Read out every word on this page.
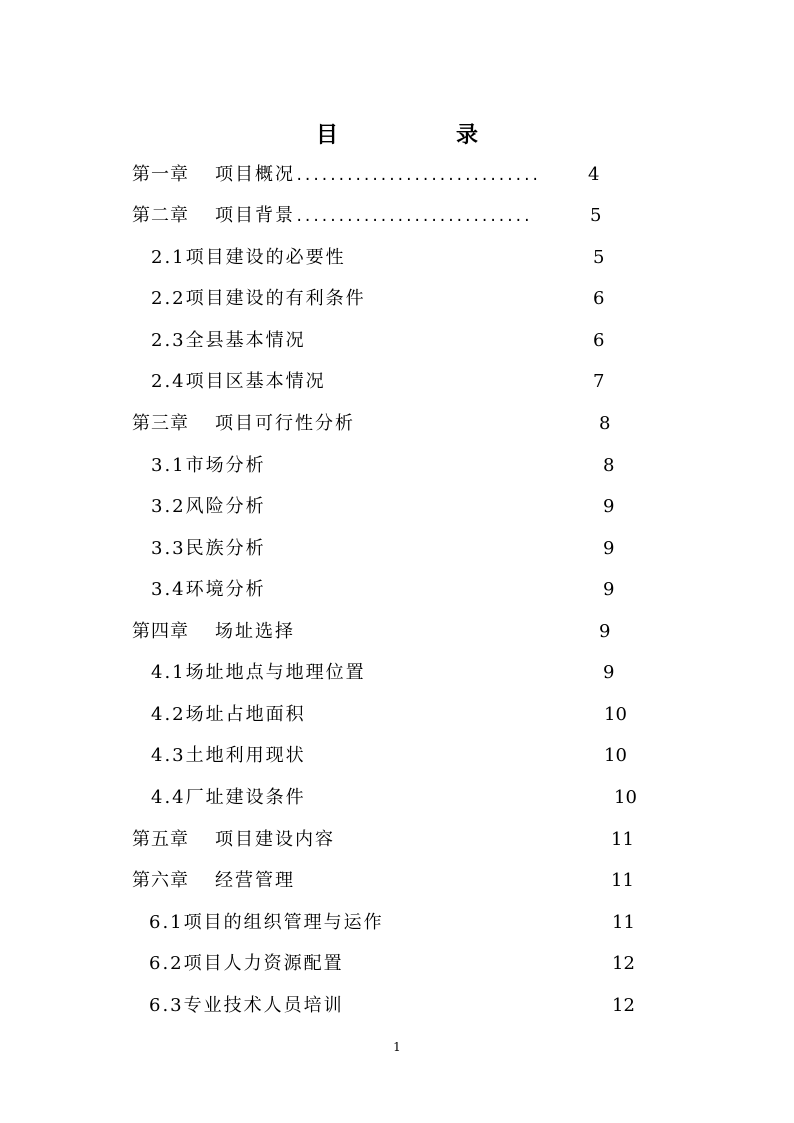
目　录
第一章 项目概况.............................	4
第二章 项目背景............................	5
2.1项目建设的必要性	5
2.2项目建设的有利条件	6
2.3全县基本情况	6
2.4项目区基本情况	7
第三章 项目可行性分析	8
3.1市场分析	8
3.2风险分析	9
3.3民族分析	9
3.4环境分析	9
第四章 场址选择	9
4.1场址地点与地理位置	9
4.2场址占地面积	10
4.3土地利用现状	10
4.4厂址建设条件	10
第五章 项目建设内容	11
第六章 经营管理	11
6.1项目的组织管理与运作	11
6.2项目人力资源配置	12
6.3专业技术人员培训	12
1
